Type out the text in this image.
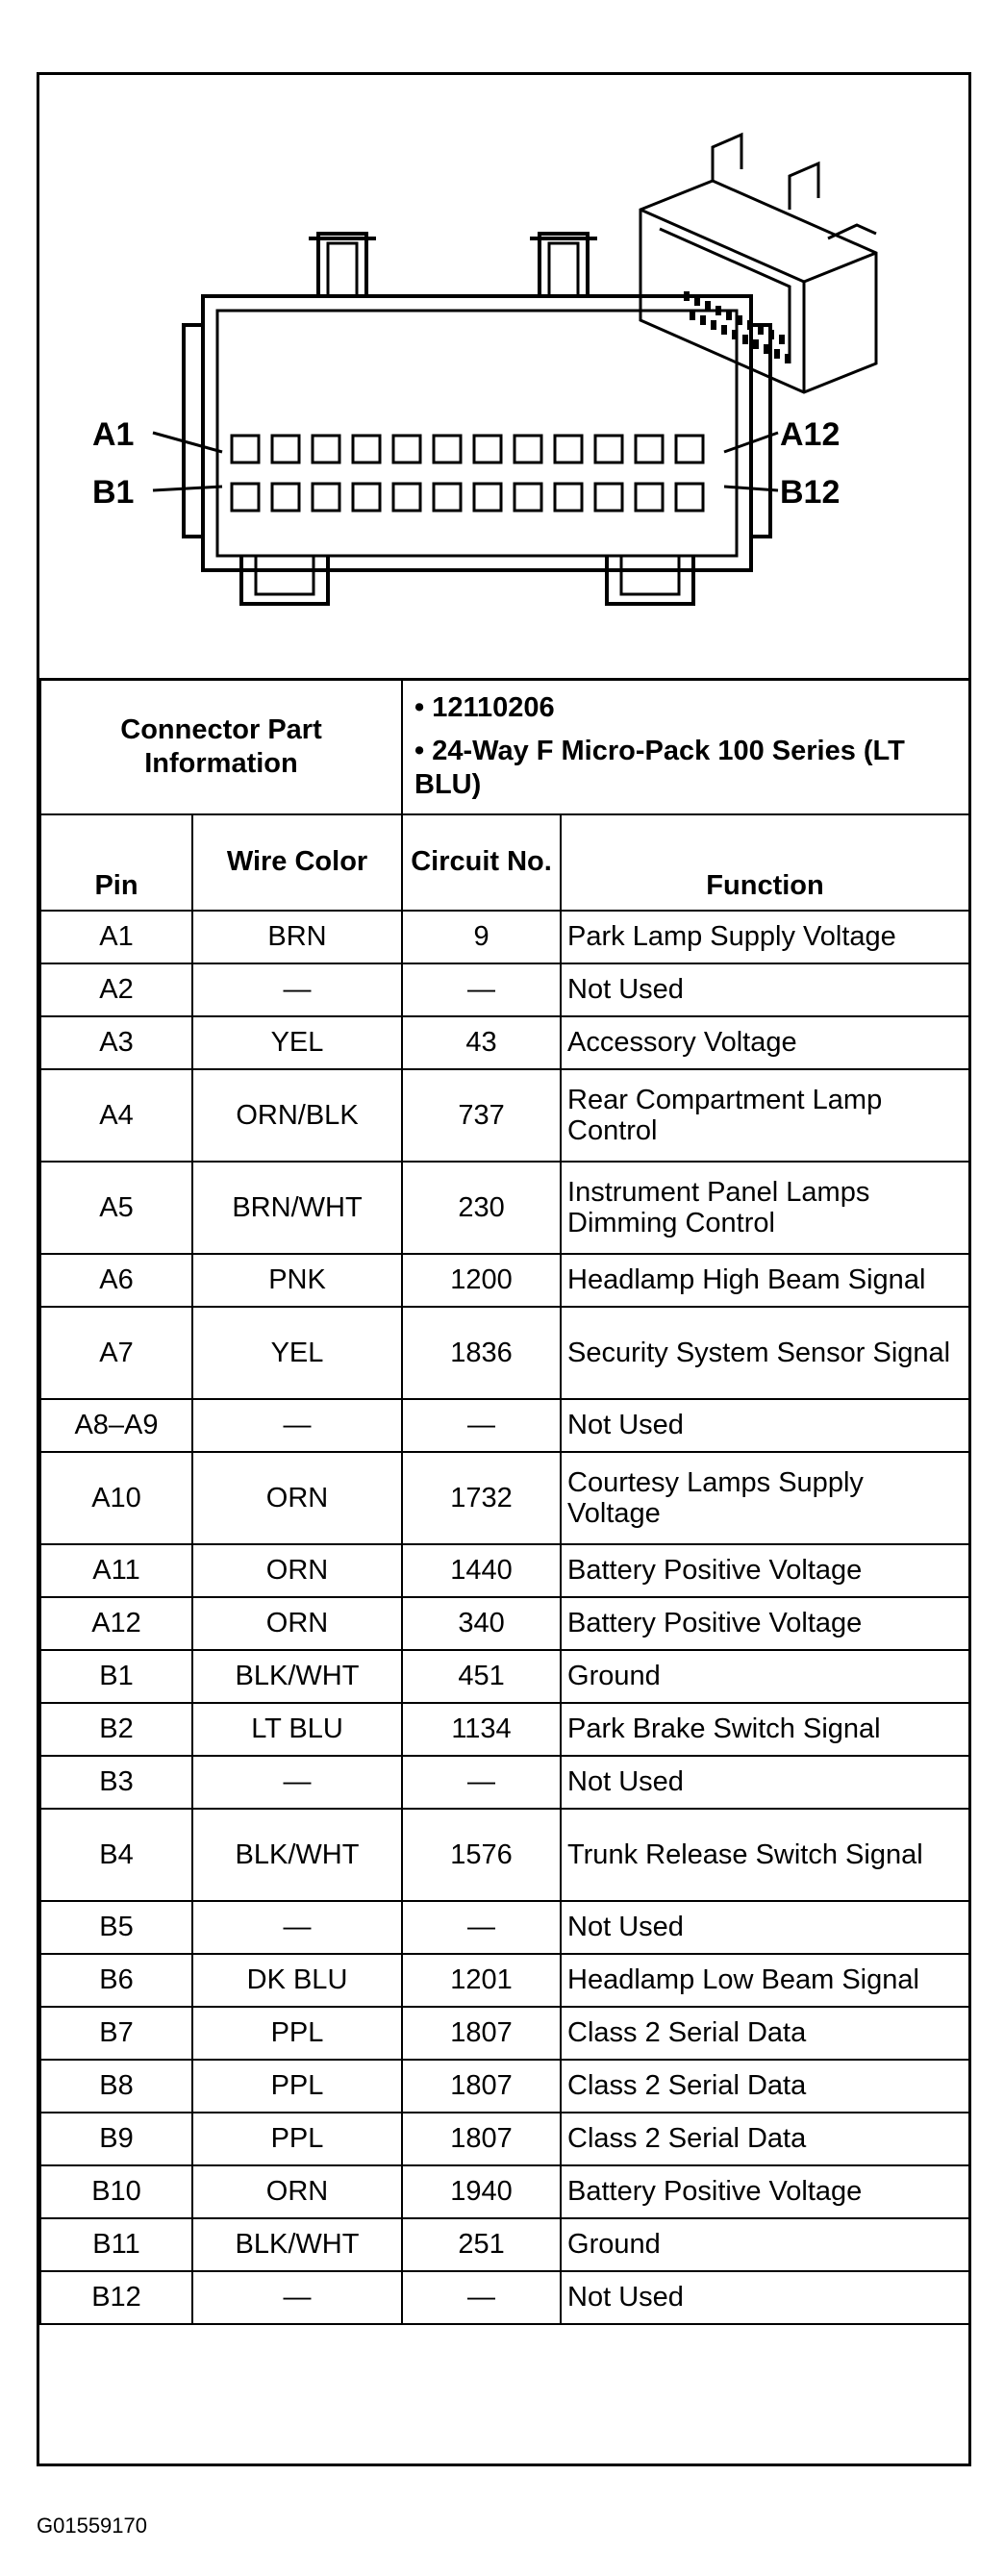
A1
B1
A12
B12
Connector Part Information		• 12110206
• 24-Way F Micro-Pack 100 Series (LT BLU)	

Pin	Wire Color	Circuit No.	Function
A1	BRN	9	Park Lamp Supply Voltage
A2	—	—	Not Used
A3	YEL	43	Accessory Voltage
A4	ORN/BLK	737	Rear Compartment Lamp Control
A5	BRN/WHT	230	Instrument Panel Lamps Dimming Control
A6	PNK	1200	Headlamp High Beam Signal
A7	YEL	1836	Security System Sensor Signal
A8–A9	—	—	Not Used
A10	ORN	1732	Courtesy Lamps Supply Voltage
A11	ORN	1440	Battery Positive Voltage
A12	ORN	340	Battery Positive Voltage
B1	BLK/WHT	451	Ground
B2	LT BLU	1134	Park Brake Switch Signal
B3	—	—	Not Used
B4	BLK/WHT	1576	Trunk Release Switch Signal
B5	—	—	Not Used
B6	DK BLU	1201	Headlamp Low Beam Signal
B7	PPL	1807	Class 2 Serial Data
B8	PPL	1807	Class 2 Serial Data
B9	PPL	1807	Class 2 Serial Data
B10	ORN	1940	Battery Positive Voltage
B11	BLK/WHT	251	Ground
B12	—	—	Not Used
G01559170
